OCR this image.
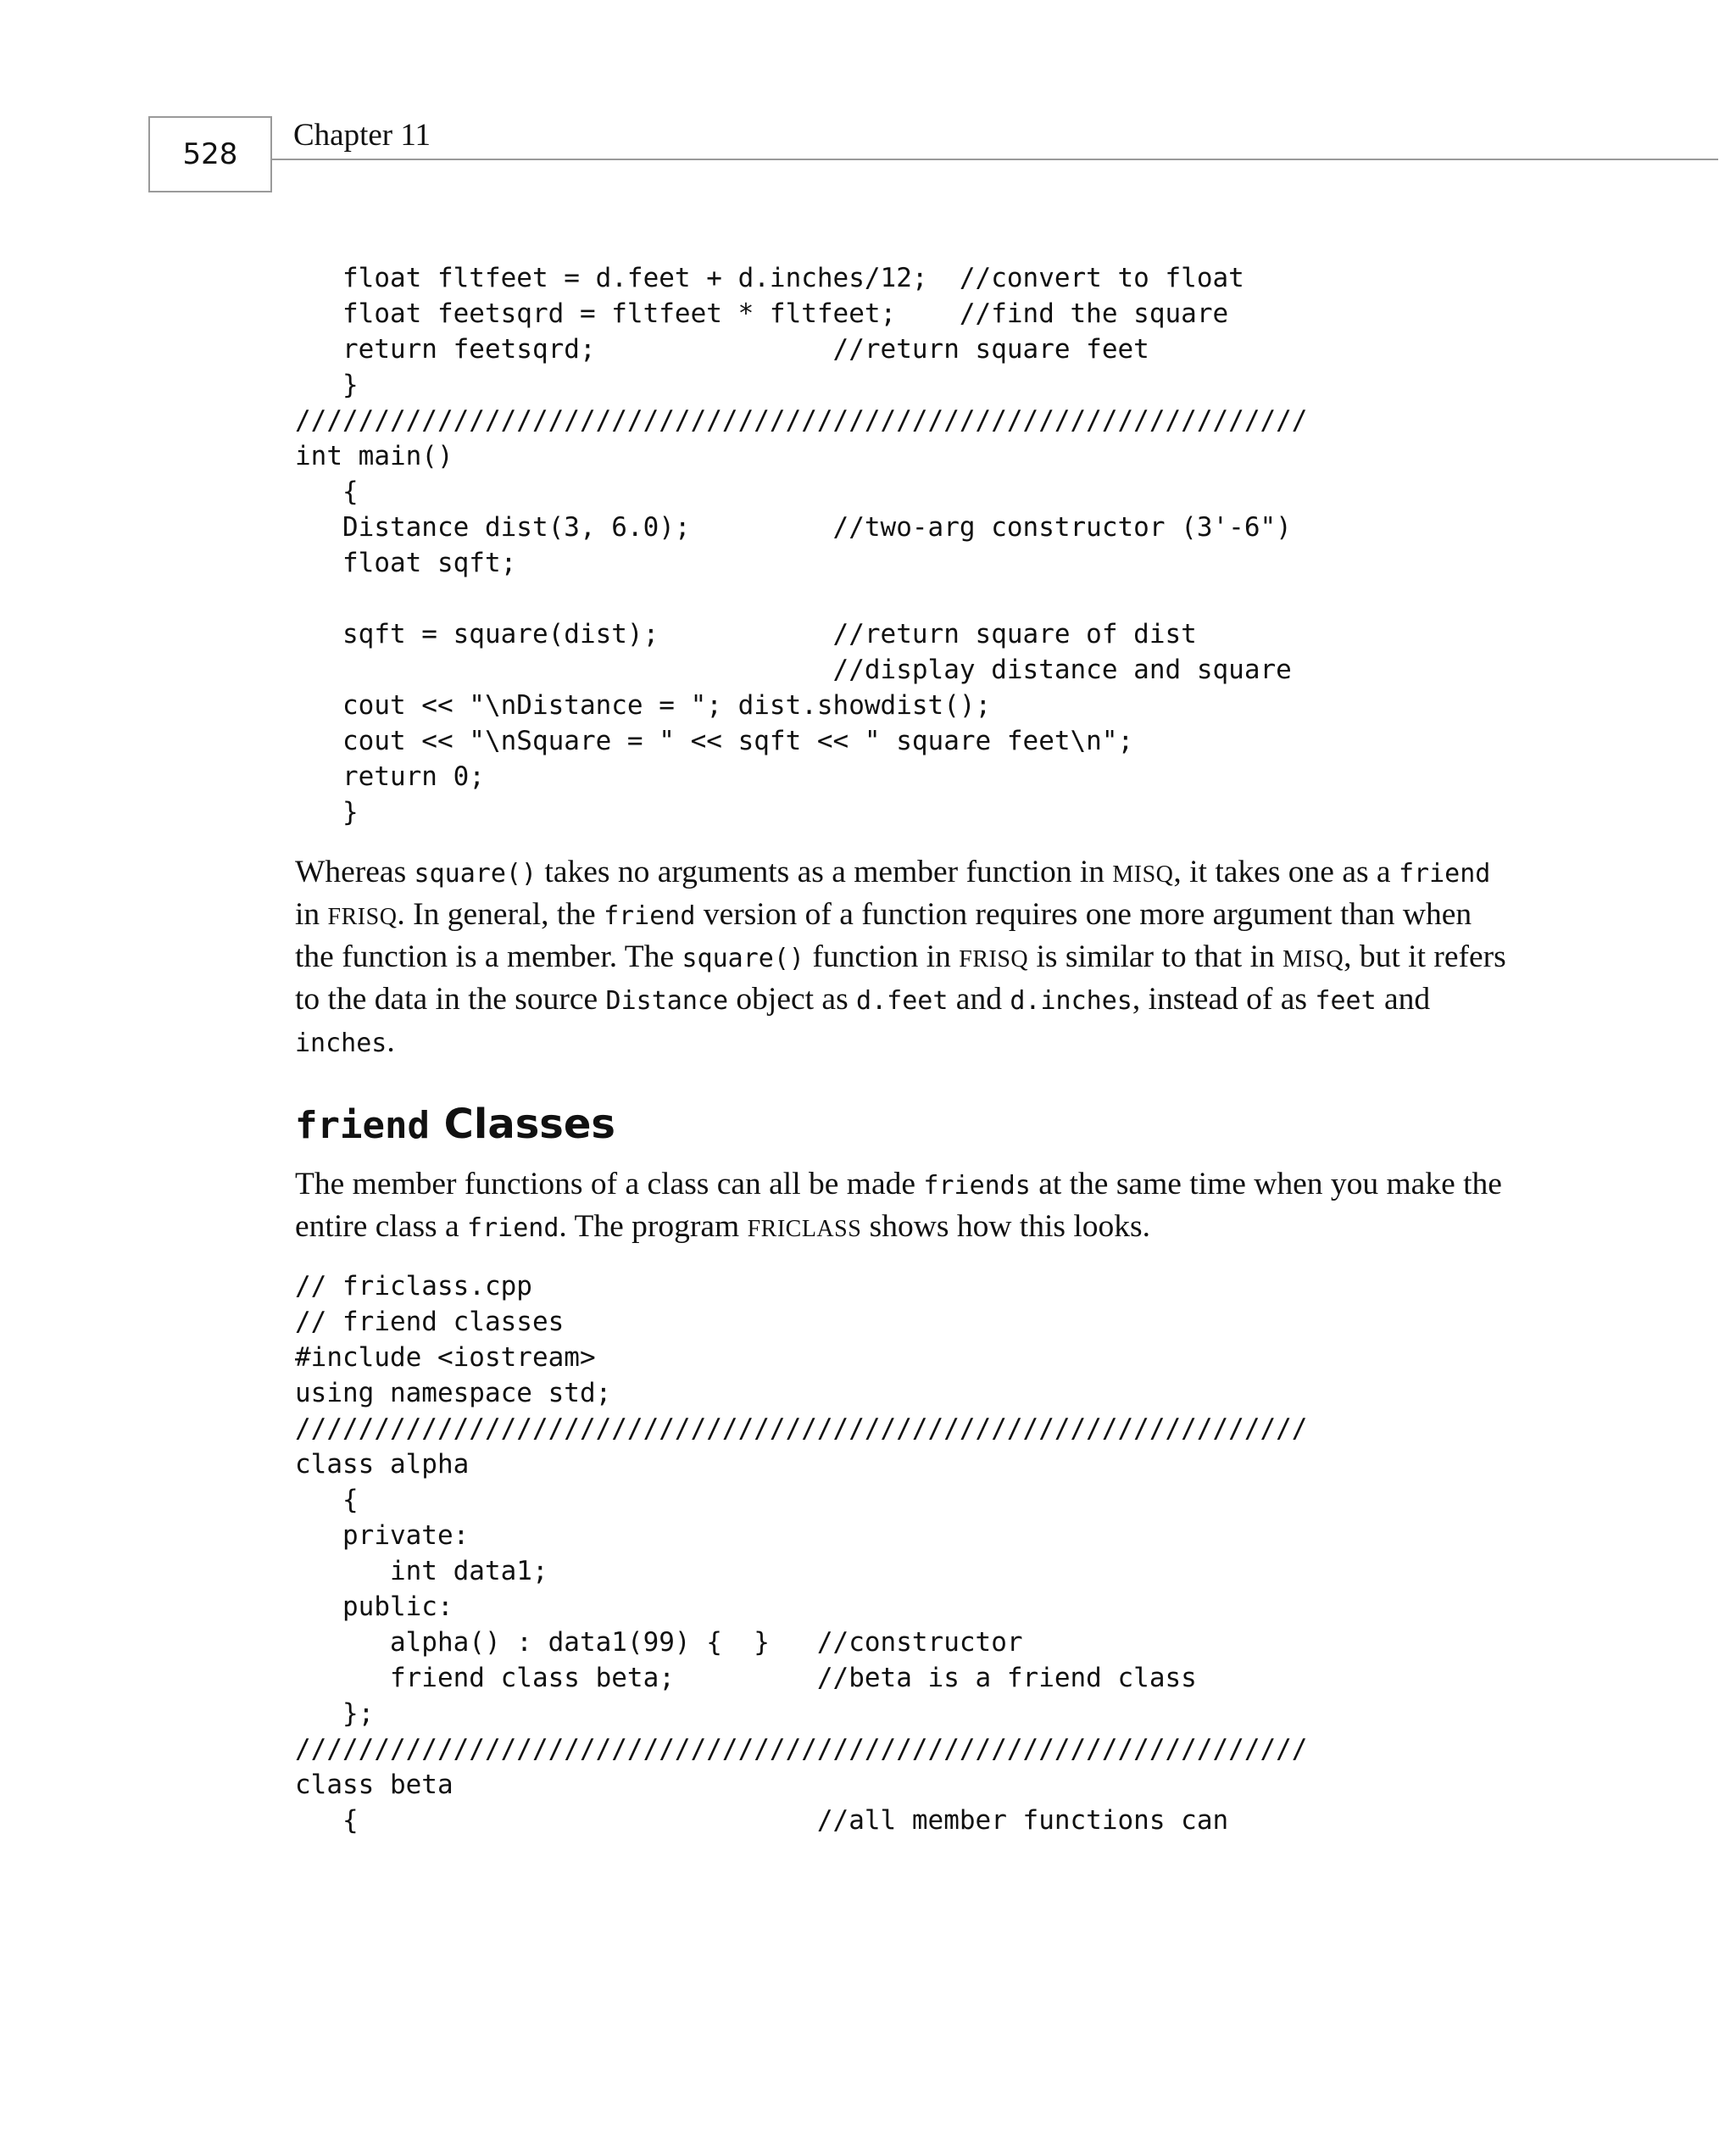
528
Chapter 11
float fltfeet = d.feet + d.inches/12;  //convert to float
float feetsqrd = fltfeet * fltfeet;    //find the square
return feetsqrd;               //return square feet
}
////////////////////////////////////////////////////////////////
int main()
{
Distance dist(3, 6.0);         //two-arg constructor (3'-6")
float sqft;

sqft = square(dist);           //return square of dist
//display distance and square
cout << "\nDistance = "; dist.showdist();
cout << "\nSquare = " << sqft << " square feet\n";
return 0;
}
Whereas square() takes no arguments as a member function in MISQ, it takes one as a friend
in FRISQ. In general, the friend version of a function requires one more argument than when
the function is a member. The square() function in FRISQ is similar to that in MISQ, but it refers
to the data in the source Distance object as d.feet and d.inches, instead of as feet and
inches.
friend Classes
The member functions of a class can all be made friends at the same time when you make the
entire class a friend. The program FRICLASS shows how this looks.
// friclass.cpp
// friend classes
#include <iostream>
using namespace std;
////////////////////////////////////////////////////////////////
class alpha
{
private:
int data1;
public:
alpha() : data1(99) {  }   //constructor
friend class beta;         //beta is a friend class
};
////////////////////////////////////////////////////////////////
class beta
{                             //all member functions can
